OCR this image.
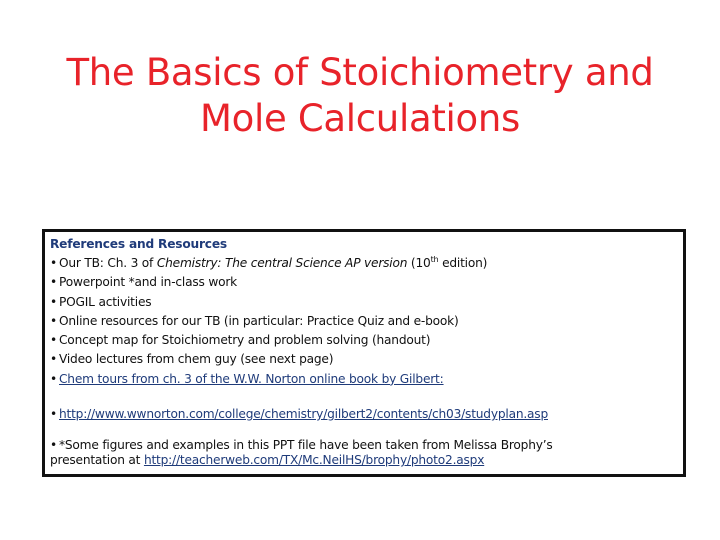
The Basics of Stoichiometry and
Mole Calculations
References and Resources
• Our TB: Ch. 3 of Chemistry: The central Science AP version (10th edition)
• Powerpoint *and in-class work
• POGIL activities
• Online resources for our TB (in particular: Practice Quiz and e-book)
• Concept map for Stoichiometry and problem solving (handout)
• Video lectures from chem guy (see next page)
• Chem tours from ch. 3 of the W.W. Norton online book by Gilbert:
• http://www.wwnorton.com/college/chemistry/gilbert2/contents/ch03/studyplan.asp
• *Some figures and examples in this PPT file have been taken from Melissa Brophy’s
presentation at http://teacherweb.com/TX/Mc.NeilHS/brophy/photo2.aspx
